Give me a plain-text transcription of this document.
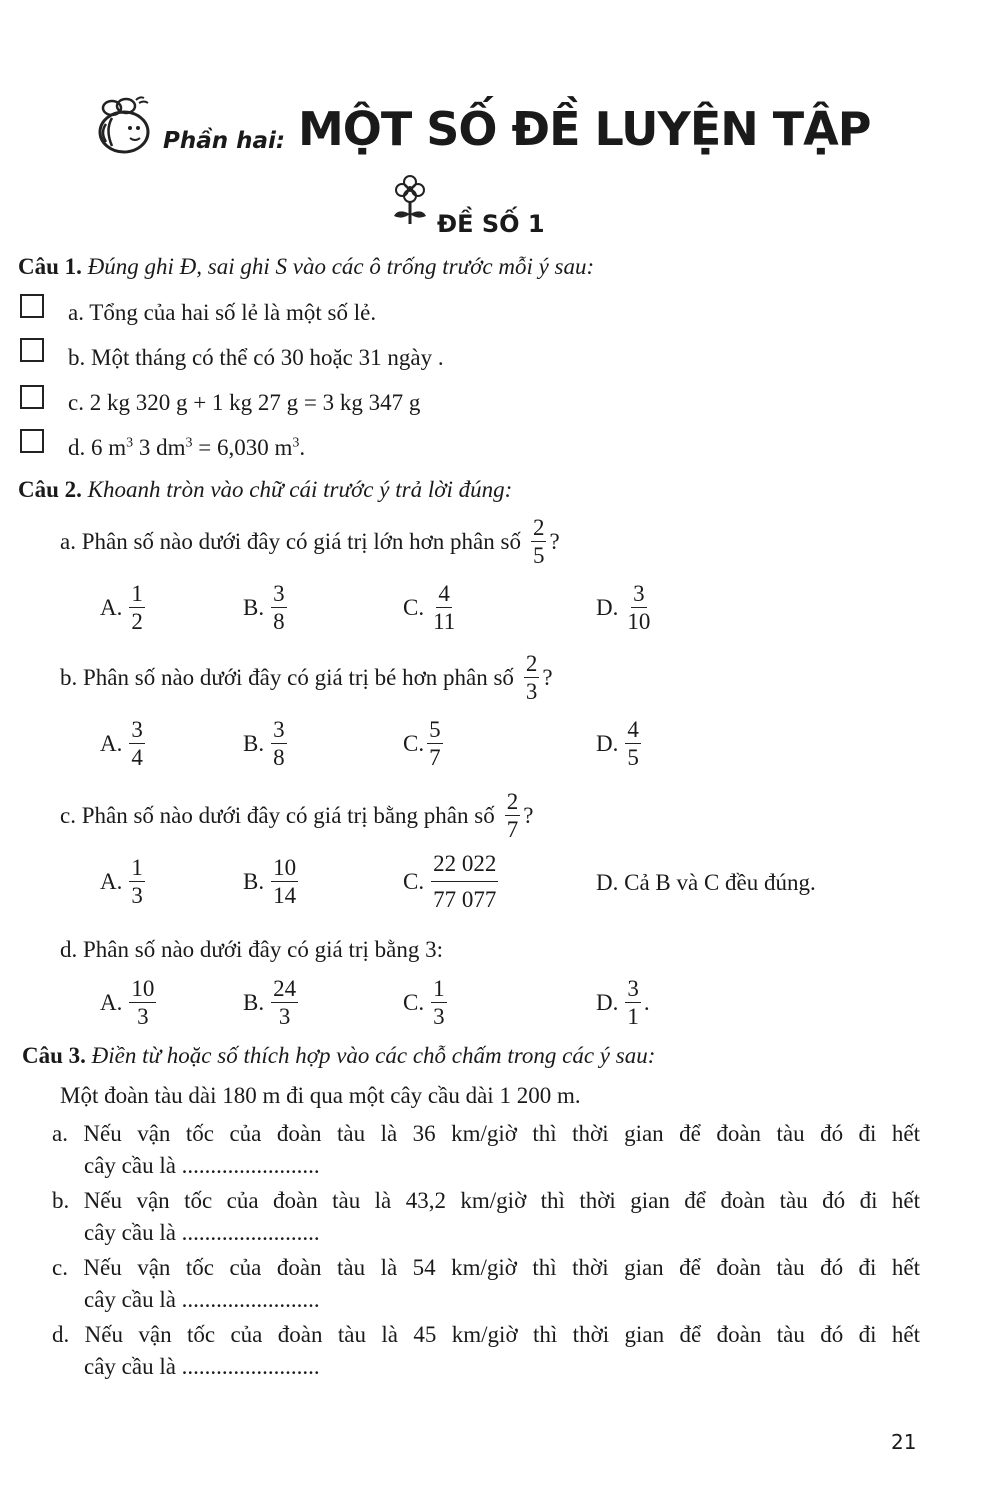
Phần hai: MỘT SỐ ĐỀ LUYỆN TẬP
ĐỀ SỐ 1
Câu 1. Đúng ghi Đ, sai ghi S vào các ô trống trước mỗi ý sau:
a. Tổng của hai số lẻ là một số lẻ.
b. Một tháng có thể có 30 hoặc 31 ngày .
c. 2 kg 320 g + 1 kg 27 g = 3 kg 347 g
d. 6 $m^3$ 3 $dm^3 = 6,030$ $m^3$.
Câu 2. Khoanh tròn vào chữ cái trước ý trả lời đúng:
a. Phân số nào dưới đây có giá trị lớn hơn phân số $\frac{2}{5}$ ?
A. $\frac{1}{2}$	B. $\frac{3}{8}$	C. $\frac{4}{11}$	D. $\frac{3}{10}$
b. Phân số nào dưới đây có giá trị bé hơn phân số $\frac{2}{3}$ ?
A. $\frac{3}{4}$	B. $\frac{3}{8}$	C. $\frac{5}{7}$	D. $\frac{4}{5}$
c. Phân số nào dưới đây có giá trị bằng phân số $\frac{2}{7}$ ?
A. $\frac{1}{3}$	B. $\frac{10}{14}$	C. $\frac{22 022}{77 077}$	D. Cả B và C đều đúng.
d. Phân số nào dưới đây có giá trị bằng 3:
A. $\frac{10}{3}$	B. $\frac{24}{3}$	C. $\frac{1}{3}$	D. $\frac{3}{1}$ .
Câu 3. Điền từ hoặc số thích hợp vào các chỗ chấm trong các ý sau:
Một đoàn tàu dài 180 m đi qua một cây cầu dài 1 200 m.
a. Nếu vận tốc của đoàn tàu là 36 km/giờ thì thời gian để đoàn tàu đó đi hết
cây cầu là ........................
b. Nếu vận tốc của đoàn tàu là 43,2 km/giờ thì thời gian để đoàn tàu đó đi hết
cây cầu là ........................
c. Nếu vận tốc của đoàn tàu là 54 km/giờ thì thời gian để đoàn tàu đó đi hết
cây cầu là ........................
d. Nếu vận tốc của đoàn tàu là 45 km/giờ thì thời gian để đoàn tàu đó đi hết
cây cầu là ........................
21
